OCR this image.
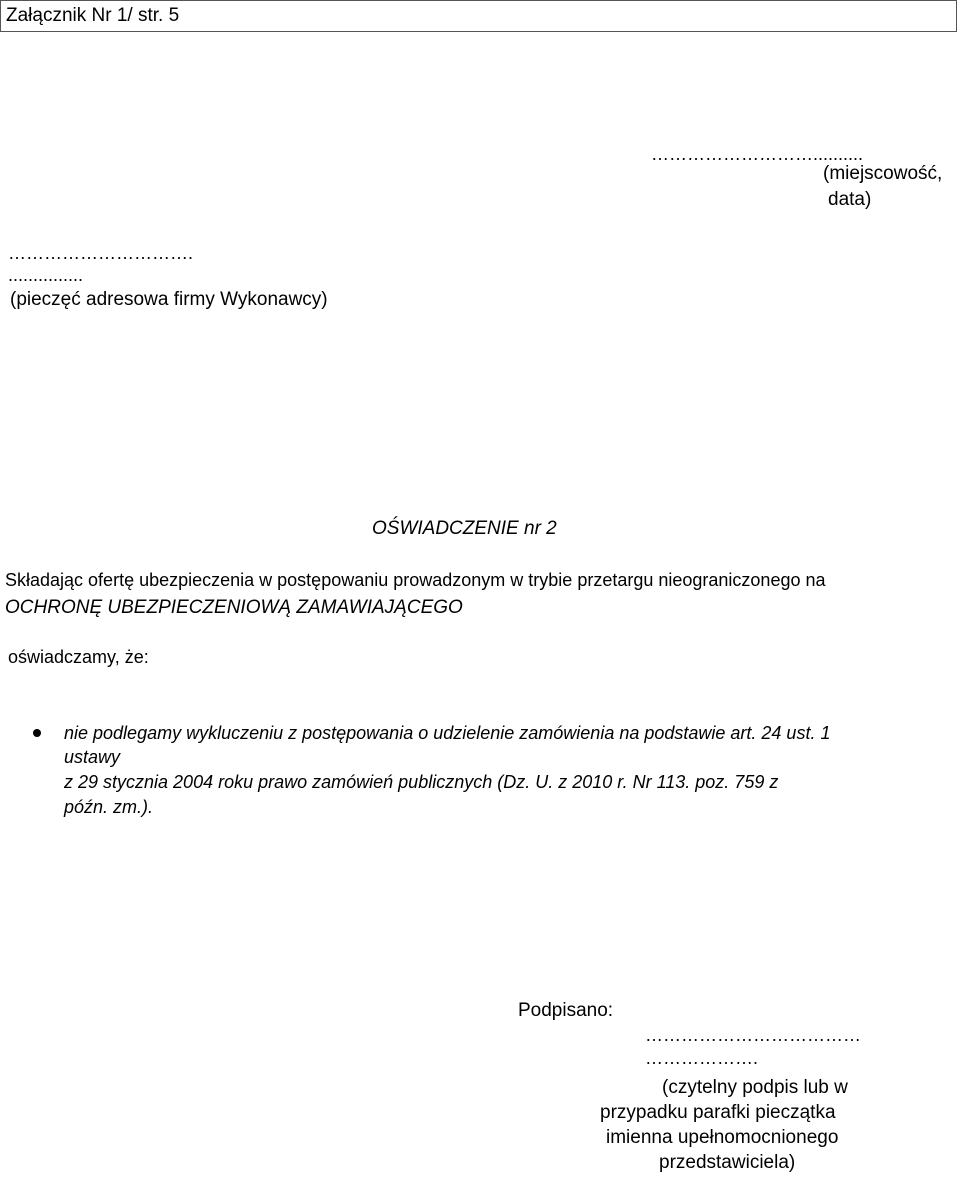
Załącznik Nr 1/ str. 5
………………………..........
(miejscowość,
data)
………………………….
...............
(pieczęć adresowa firmy Wykonawcy)
OŚWIADCZENIE nr 2
Składając ofertę ubezpieczenia w postępowaniu prowadzonym w trybie przetargu nieograniczonego na
OCHRONĘ UBEZPIECZENIOWĄ ZAMAWIAJĄCEGO
oświadczamy, że:
nie podlegamy wykluczeniu z postępowania o udzielenie zamówienia na podstawie art. 24 ust. 1
ustawy
z 29 stycznia 2004 roku prawo zamówień publicznych (Dz. U. z 2010 r. Nr 113. poz. 759 z
późn. zm.).
Podpisano:
………………………………
……………….
(czytelny podpis lub w
przypadku parafki pieczątka
imienna upełnomocnionego
przedstawiciela)
